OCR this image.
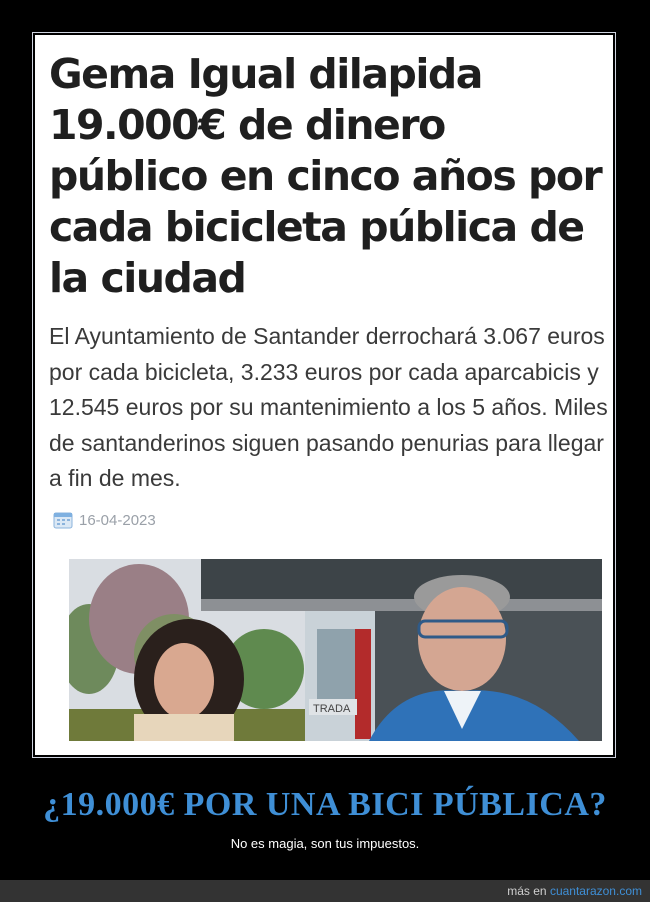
Gema Igual dilapida 19.000€ de dinero público en cinco años por cada bicicleta pública de la ciudad

El Ayuntamiento de Santander derrochará 3.067 euros por cada bicicleta, 3.233 euros por cada aparcabicis y 12.545 euros por su mantenimiento a los 5 años. Miles de santanderinos siguen pasando penurias para llegar a fin de mes.

16-04-2023
TRADA
¿19.000€ POR UNA BICI PÚBLICA?

No es magia, son tus impuestos.

más en cuantarazon.com
